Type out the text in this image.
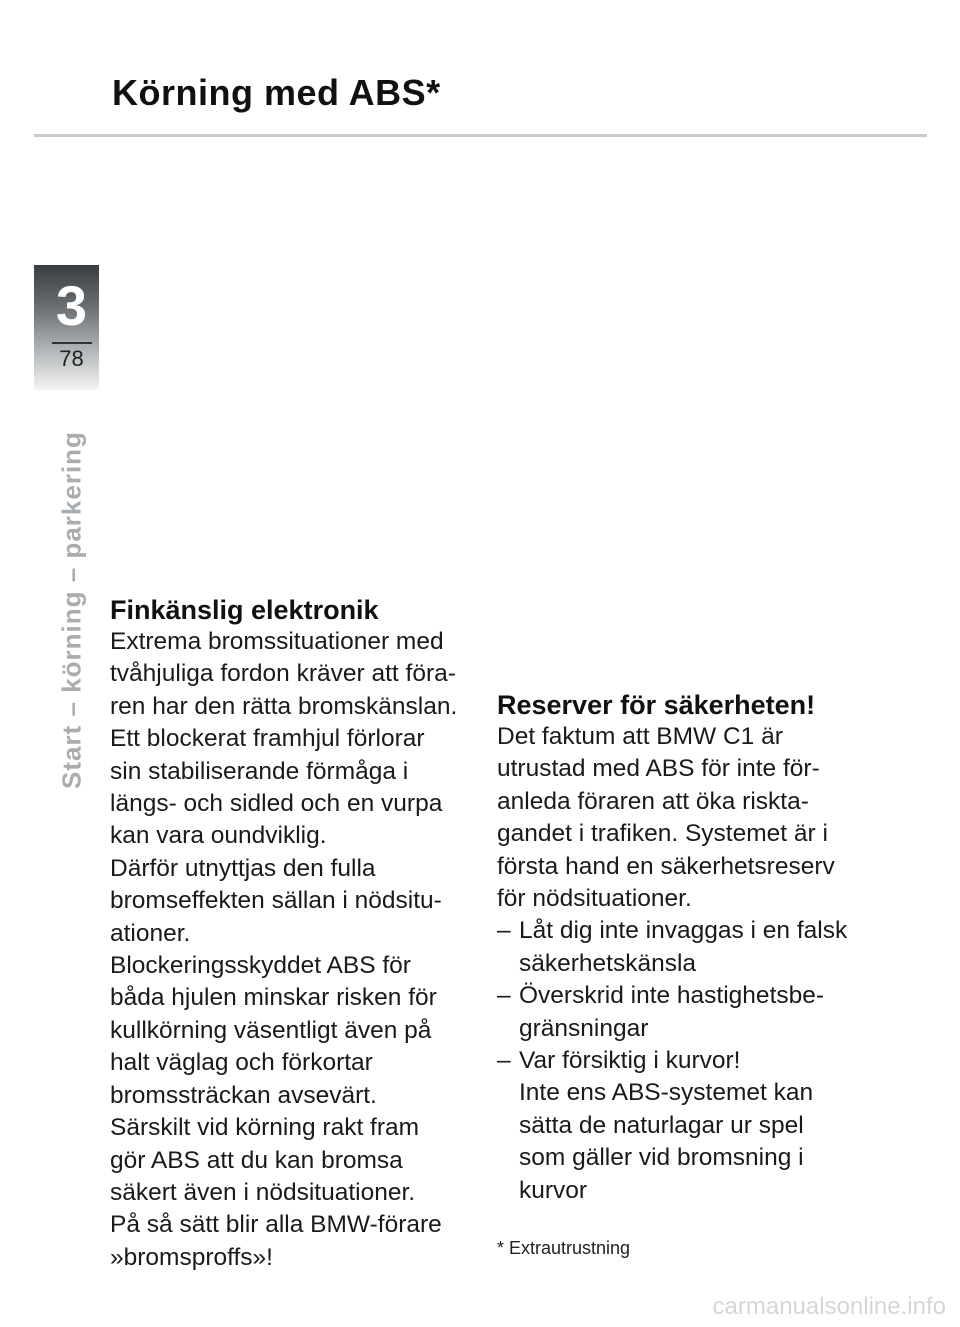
Körning med ABS*
3
78
Start – körning – parkering Finkänslig elektronik
Extrema bromssituationer med
tvåhjuliga fordon kräver att föra-
ren har den rätta bromskänslan.
Ett blockerat framhjul förlorar
sin stabiliserande förmåga i
längs- och sidled och en vurpa
kan vara oundviklig.
Därför utnyttjas den fulla
bromseffekten sällan i nödsitu-
ationer.
Blockeringsskyddet ABS för
båda hjulen minskar risken för
kullkörning väsentligt även på
halt väglag och förkortar
bromssträckan avsevärt.
Särskilt vid körning rakt fram
gör ABS att du kan bromsa
säkert även i nödsituationer.
På så sätt blir alla BMW-förare
»bromsproffs»!
Reserver för säkerheten!
Det faktum att BMW C1 är
utrustad med ABS för inte för-
anleda föraren att öka riskta-
gandet i trafiken. Systemet är i
första hand en säkerhetsreserv
för nödsituationer.
– Låt dig inte invaggas i en falsk
säkerhetskänsla
– Överskrid inte hastighetsbe-
gränsningar
– Var försiktig i kurvor!
Inte ens ABS-systemet kan
sätta de naturlagar ur spel
som gäller vid bromsning i
kurvor
* Extrautrustning
carmanualsonline.info
